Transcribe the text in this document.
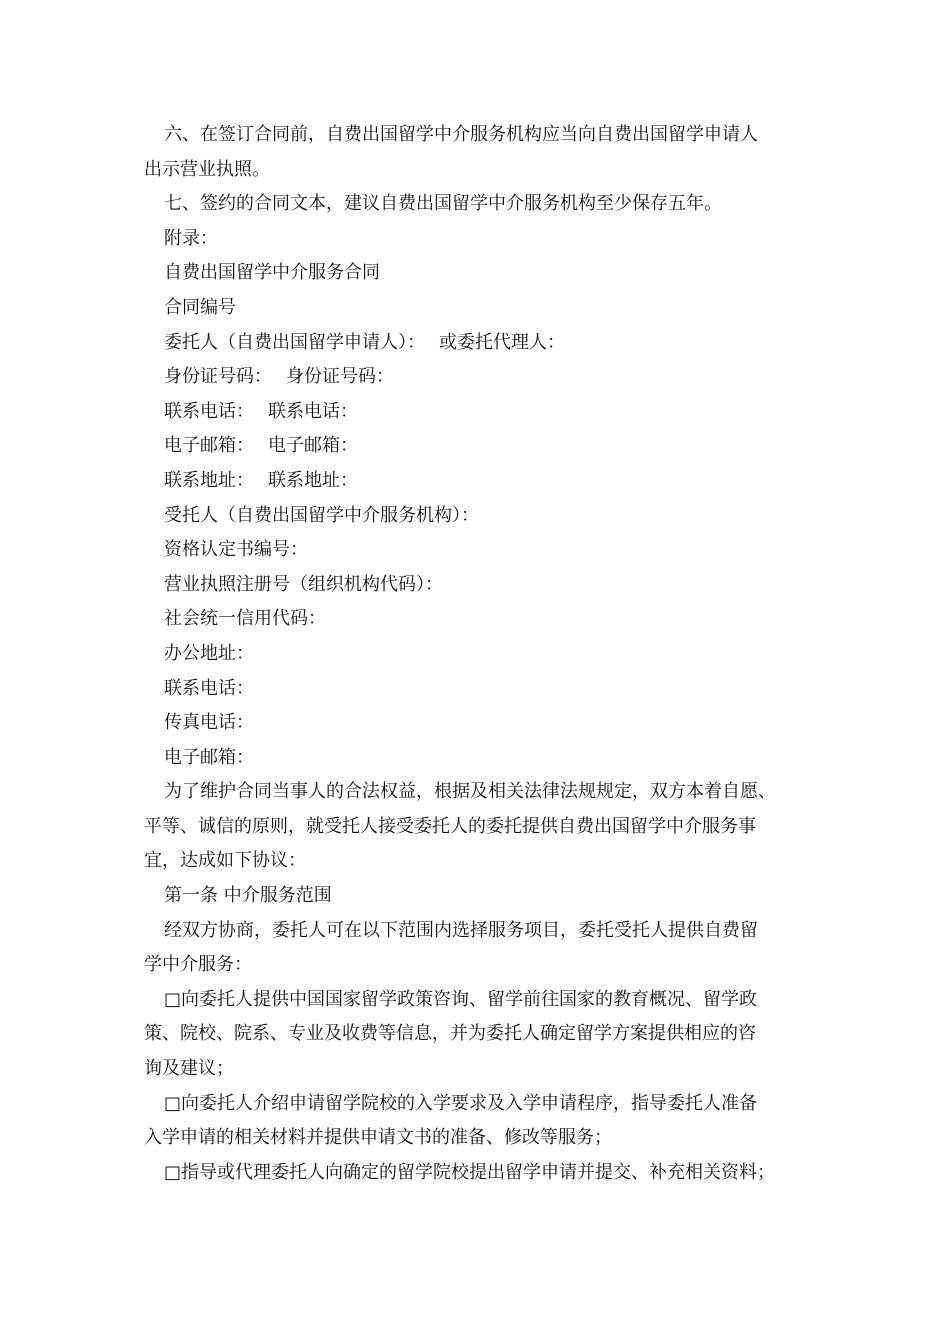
六、在签订合同前，自费出国留学中介服务机构应当向自费出国留学申请人

出示营业执照。

七、签约的合同文本，建议自费出国留学中介服务机构至少保存五年。

附录：

自费出国留学中介服务合同

合同编号

委托人（自费出国留学申请人）： 或委托代理人：

身份证号码： 身份证号码：

联系电话： 联系电话：

电子邮箱： 电子邮箱：

联系地址： 联系地址：

受托人（自费出国留学中介服务机构）：

资格认定书编号：

营业执照注册号（组织机构代码）：

社会统一信用代码：

办公地址：

联系电话：

传真电话：

电子邮箱：

为了维护合同当事人的合法权益，根据及相关法律法规规定，双方本着自愿、

平等、诚信的原则，就受托人接受委托人的委托提供自费出国留学中介服务事

宜，达成如下协议：

第一条 中介服务范围

经双方协商，委托人可在以下范围内选择服务项目，委托受托人提供自费留

学中介服务：

□向委托人提供中国国家留学政策咨询、留学前往国家的教育概况、留学政

策、院校、院系、专业及收费等信息，并为委托人确定留学方案提供相应的咨

询及建议；

□向委托人介绍申请留学院校的入学要求及入学申请程序，指导委托人准备

入学申请的相关材料并提供申请文书的准备、修改等服务；

□指导或代理委托人向确定的留学院校提出留学申请并提交、补充相关资料；
